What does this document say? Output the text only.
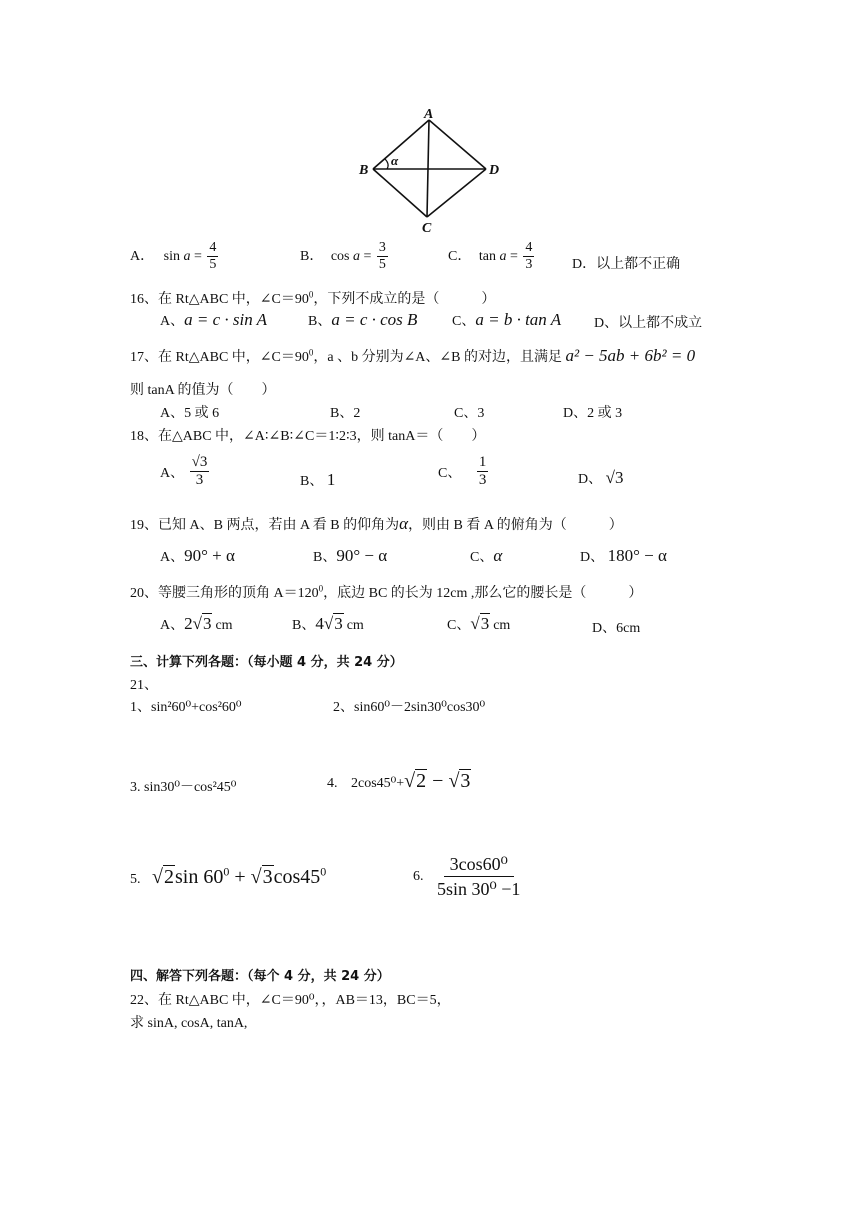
A
B
C
D
α
A． $\sin a = \frac{4}{5}$	B． $\cos a = \frac{3}{5}$	C． $\tan a = \frac{4}{3}$	D．以上都不正确
16、在 Rt△ABC 中，$\angle C=90^0$，下列不成立的是（　　　）
A、a = c · sin A	B、a = c · cos B C、a = b · tan A D、以上都不成立
17、在 Rt△ABC 中，$\angle C=90^0$，a 、b 分别为∠A、∠B 的对边，且满足 a² − 5ab + 6b² = 0
则 tanA 的值为（　　）
A、5 或 6	B、2	C、3	D、2 或 3
18、在△ABC 中，∠A∶∠B∶∠C＝1∶2∶3，则 tanA＝（　　）
A、 $\frac{√3}{3}$	B、 1	C、 $\frac{1}{3}$	D、 √3
19、已知 A、B 两点，若由 A 看 B 的仰角为α，则由 B 看 A 的俯角为（　　　）
A、90° + α	B、90° − α	C、α	D、 180° − α
20、等腰三角形的顶角 $A=120^0$，底边 BC 的长为 12cm ,那么它的腰长是（　　　）
A、2√3 cm	B、4√3 cm	C、√3 cm	D、6cm
三、计算下列各题：（每小题 4 分，共 24 分）
21、
1、sin²60⁰+cos²60⁰	2、sin60⁰－2sin30⁰cos30⁰
3. sin30⁰－cos²45⁰	4. 2cos45⁰+√2 − √3
5. √2sin $60^0 + √3\cos 45^0$	6. $\frac{\text{3cos60⁰}}{\text{5sin 30⁰ −1}}$
四、解答下列各题：（每个 4 分，共 24 分）
22、在 Rt△ABC 中，∠C＝90⁰，，AB＝13，BC＝5，
求 sinA, cosA, tanA,
